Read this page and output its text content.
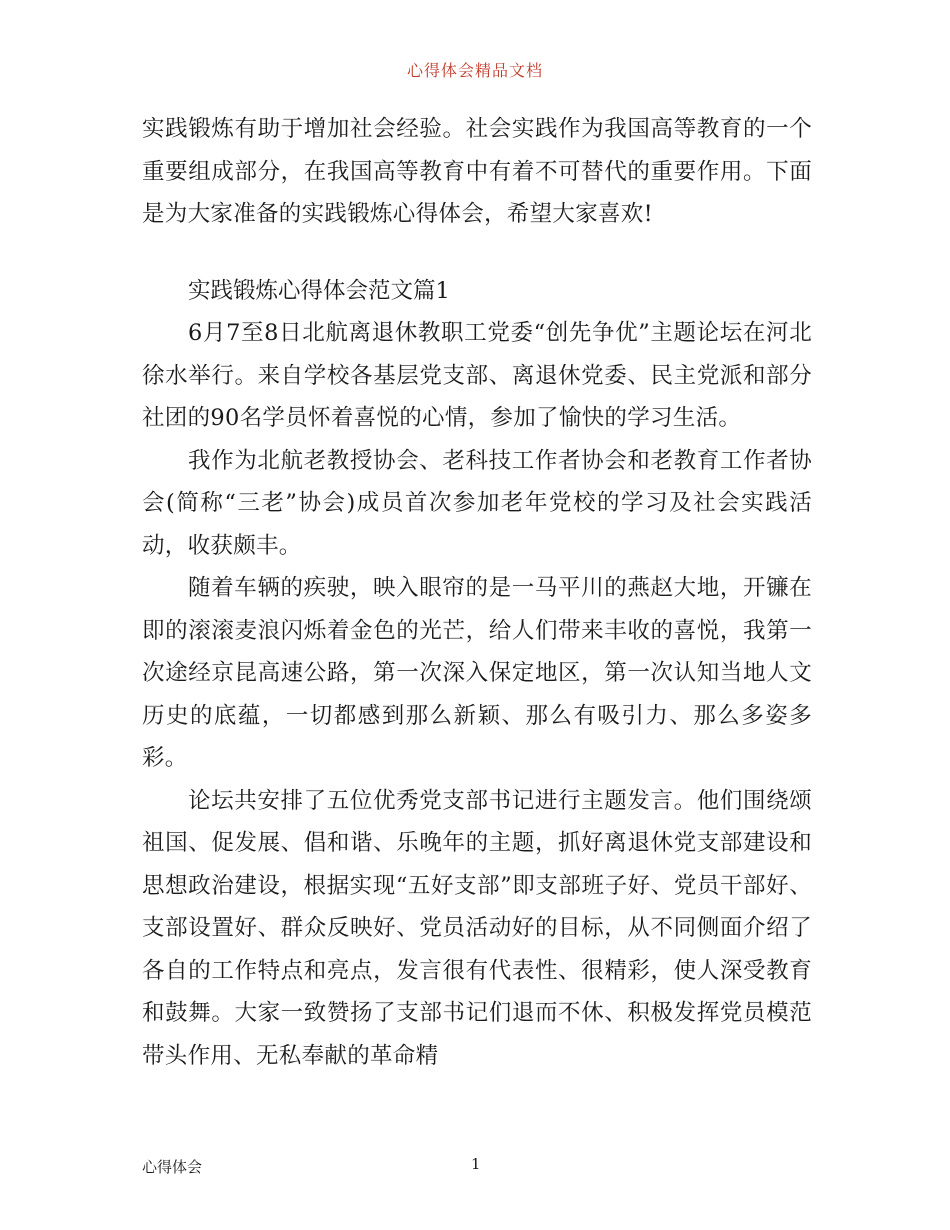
心得体会精品文档

实践锻炼有助于增加社会经验。社会实践作为我国高等教育的一个重要组成部分，在我国高等教育中有着不可替代的重要作用。下面是为大家准备的实践锻炼心得体会，希望大家喜欢!

实践锻炼心得体会范文篇1

6月7至8日北航离退休教职工党委“创先争优”主题论坛在河北徐水举行。来自学校各基层党支部、离退休党委、民主党派和部分社团的90名学员怀着喜悦的心情，参加了愉快的学习生活。

我作为北航老教授协会、老科技工作者协会和老教育工作者协会(简称“三老”协会)成员首次参加老年党校的学习及社会实践活动，收获颇丰。

随着车辆的疾驶，映入眼帘的是一马平川的燕赵大地，开镰在即的滚滚麦浪闪烁着金色的光芒，给人们带来丰收的喜悦，我第一次途经京昆高速公路，第一次深入保定地区，第一次认知当地人文历史的底蕴，一切都感到那么新颖、那么有吸引力、那么多姿多彩。

论坛共安排了五位优秀党支部书记进行主题发言。他们围绕颂祖国、促发展、倡和谐、乐晚年的主题，抓好离退休党支部建设和思想政治建设，根据实现“五好支部”即支部班子好、党员干部好、支部设置好、群众反映好、党员活动好的目标，从不同侧面介绍了各自的工作特点和亮点，发言很有代表性、很精彩，使人深受教育和鼓舞。大家一致赞扬了支部书记们退而不休、积极发挥党员模范带头作用、无私奉献的革命精

心得体会	1
